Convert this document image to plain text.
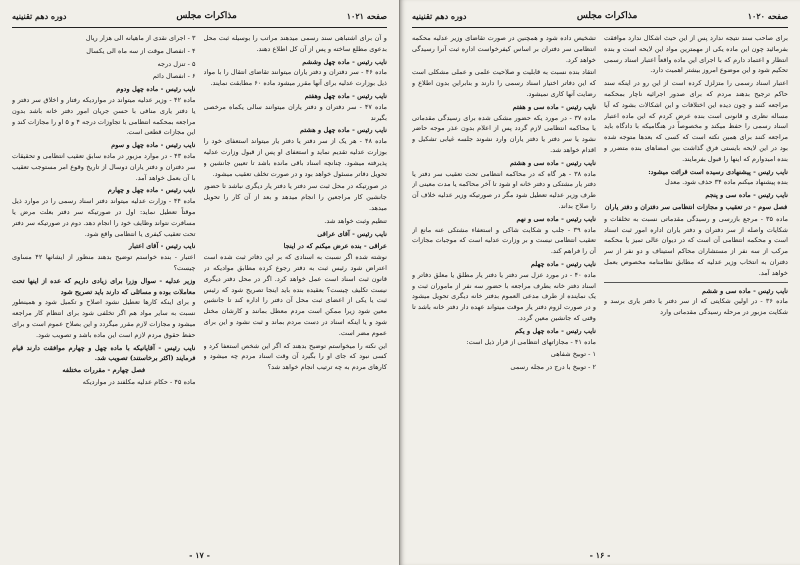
صفحه ۱۰۲۱
مذاکرات مجلس
دوره دهم تقنینیه

و آن برای اشتباهی سند رسمی میدهند مراتب را بوسیله ثبت محل بدعوی مطلع ساخته و پس از آن کل اطلاع دهند.

نایب رئیس - ماده چهل وششم

ماده ۴۶ - سر دفتران و دفتر یاران میتوانند تقاضای انتقال را با مواد ذیل بوزارت عدلیه برای آنها مقرر میشود ماده ۶۰ مطابقت نمایند.

نایب رئیس - ماده چهل وهفتم

ماده ۴۷ - سر دفتران و دفتر یاران میتوانند سالی یکماه مرخصی بگیرند

نایب رئیس - ماده چهل و هشتم

ماده ۴۸ - هر یک از سر دفتر یا دفتر یار میتواند استعفای خود را بوزارت عدلیه تقدیم نماید و استعفای او پس از قبول وزارت عدلیه پذیرفته میشود. چنانچه اسناد باقی مانده باشد تا تعیین جانشین و تحویل دفاتر مسئول خواهد بود و در صورت تخلف تعقیب میشود.

در صورتیکه در محل ثبت سر دفتر یا دفتر یار دیگری نباشد تا حضور جانشین کار مراجعین را انجام میدهد و بعد از آن کار را تحویل میدهد.

تنظیم وثبت خواهد شد.

نایب رئیس - آقای عراقی
عراقی - بنده عرض میکنم که در اینجا

نوشته شده اگر نسبت به اسنادی که بر این دفاتر ثبت شده است اعتراض شود رئیس ثبت به دفتر رجوع کرده مطابق موادیکه در قانون ثبت اسناد است عمل خواهد کرد. اگر در محل دفتر دیگری نیست تکلیف چیست؟ بعقیده بنده باید اینجا تصریح شود که رئیس ثبت یا یکی از اعضای ثبت محل آن دفتر را اداره کند تا جانشین معین شود زیرا ممکن است مردم معطل بمانند و کارشان مختل شود و یا اینکه اسناد در دست مردم بماند و ثبت نشود و این برای عموم مضر است.

این نکته را میخواستم توضیح بدهند که اگر این شخص استعفا کرد و کسی نبود که جای او را بگیرد آن وقت اسناد مردم چه میشود و کارهای مردم به چه ترتیب انجام خواهد شد؟

۳ - اجرای نقدی از ماهیانه الی هزار ریال

۴ - انفصال موقت از سه ماه الی یکسال

۵ - تنزل درجه

۶ - انفصال دائم

نایب رئیس - ماده چهل ودوم

ماده ۴۲ - وزیر عدلیه میتواند در مواردیکه رفتار و اخلاق سر دفتر و یا دفتر یاری منافی با حسن جریان امور دفتر خانه باشد بدون مراجعه بمحکمه انتظامی با تجاوزات درجه ۴ و ۵ او را مجازات کند و این مجازات قطعی است.

نایب رئیس - ماده چهل و سوم

ماده ۴۳ - در موارد مزبور در ماده سابق تعقیب انتظامی و تحقیقات سر دفتران و دفتر یاران دوسال از تاریخ وقوع امر مستوجب تعقیب با آن بعمل خواهد آمد.

نایب رئیس - ماده چهل و چهارم

ماده ۴۴ - وزارت عدلیه میتواند دفتر اسناد رسمی را در موارد ذیل موقتاً تعطیل نماید: اول در صورتیکه سر دفتر بعلت مرض یا مسافرت نتواند وظایف خود را انجام دهد. دوم در صورتیکه سر دفتر تحت تعقیب کیفری یا انتظامی واقع شود.

نایب رئیس - آقای اعتبار

اعتبار - بنده خواستم توضیح بدهند منظور از ایشانها ۴۲ مساوی چیست؟

وزیر عدلیه - سوال وزرا برای زیادی داریم که عده از اینها تحت معاملات بوده و مسائلی که دارند باید تصریح شود

و برای اینکه کارها تعطیل نشود اصلاح و تکمیل شود و همینطور نسبت به سایر مواد هم اگر تخلفی شود برای انتظام کار مراجعه میشود و مجازات لازم مقرر میگردد و این بصلاح عموم است و برای حفظ حقوق مردم لازم است این ماده باشد و تصویب شود.

نایب رئیس - آقایانیکه با ماده چهل و چهارم موافقت دارند قیام فرمایند (اکثر برخاستند) تصویب شد.
فصل چهارم - مقررات مختلفه

ماده ۴۵ - حکام عدلیه مکلفند در مواردیکه

- ۱۷ -
صفحه ۱۰۲۰
مذاکرات مجلس
دوره دهم تقنینیه

برای صاحب سند نتیجه ندارد پس از این حیث اشکال ندارد موافقت بفرمائید چون این ماده یکی از مهمترین مواد این لایحه است و بنده انتظار و اعتماد دارم که با اجرای این ماده واقعاً اعتبار اسناد رسمی تحکیم شود و این موضوع امروز بیشتر اهمیت دارد.

اعتبار اسناد رسمی را متزلزل کرده است از این رو در اینکه سند حاکم ترجیح بدهند مردم که برای صدور اجرائیه ناچار بمحکمه مراجعه کنند و چون دیده این اختلافات و این اشکالات بشود که آیا مساله نظری و قانونی است بنده عرض کردم که این ماده اعتبار اسناد رسمی را حفظ میکند و مخصوصاً در هنگامیکه با دادگاه باید مراجعه کنند برای همین نکته است که کسی که بعدها متوجه شده بود در این لایحه بایستی فرق گذاشت بین امضاهای بنده متضرر و بنده امیدوارم که اینها را قبول بفرمایند.

نایب رئیس - پیشنهادی رسیده است قرائت میشود:

بنده پیشنهاد میکنم ماده ۳۴ حذف شود. معدل

نایب رئیس - ماده سی و پنجم
فصل سوم - در تعقیب و مجازات انتظامی سر دفتران و دفتر یاران

ماده ۳۵ - مرجع بازرسی و رسیدگی مقدماتی نسبت به تخلفات و شکایات واصله از سر دفتران و دفتر یاران اداره امور ثبت اسناد است و محکمه انتظامی آن است که در دیوان عالی تمیز یا محکمه مرکب از سه نفر از مستشاران محاکم استیناف و دو نفر از سر دفتران به انتخاب وزیر عدلیه که مطابق نظامنامه مخصوص بعمل خواهد آمد.

نایب رئیس - ماده سی و ششم

ماده ۳۶ - در اولین شکایتی که از سر دفتر یا دفتر یاری برسد و شکایت مزبور در مرحله رسیدگی مقدماتی وارد

تشخیص داده شود و همچنین در صورت تقاضای وزیر عدلیه محکمه انتظامی سر دفتران بر اساس کیفرخواست اداره ثبت آنرا رسیدگی خواهد کرد.

انتقاد بنده نسبت به قابلیت و صلاحیت علمی و عملی مشکلی است که این دفاتر اختیار اسناد رسمی را دارند و بنابراین بدون اطلاع و رضایت آنها کاری نمیشود.

نایب رئیس - ماده سی و هفتم

ماده ۳۷ - در مورد یکه حضور مشکی شده برای رسیدگی مقدماتی یا محاکمه انتظامی لازم گردد پس از اعلام بدون عذر موجه حاضر نشود یا سر دفتر یا دفتر یاران وارد نشوند جلسه غیابی تشکیل و اقدام خواهد شد.

نایب رئیس - ماده سی و هشتم

ماده ۳۸ - هر گاه که در محاکمه انتظامی تحت تعقیب سر دفتر یا دفتر یار مشتکی و دفتر خانه او شود تا آخر محاکمه یا مدت معینی از طرف وزیر عدلیه تعطیل شود مگر در صورتیکه وزیر عدلیه خلاف آن را صلاح بداند.

نایب رئیس - ماده سی و نهم

ماده ۳۹ - جلب و شکایت شاکی و استعفاء مشتکی عنه مانع از تعقیب انتظامی نیست و بر وزارت عدلیه است که موجبات مجازات آن را فراهم کند.

نایب رئیس - ماده چهلم

ماده ۴۰ - در مورد عزل سر دفتر یا دفتر یار مطلق یا معلق دفاتر و اسناد دفتر خانه بطرف مراجعه با حضور سه نفر از ماموران ثبت و یک نماینده از طرف مدعی العموم بدفتر خانه دیگری تحویل میشود و در صورت لزوم دفتر یار موقت میتواند عهده دار دفتر خانه باشد تا وقتی که جانشین معین گردد.

نایب رئیس - ماده چهل و یکم

ماده ۴۱ - مجازاتهای انتظامی از قرار ذیل است:

۱ - توبیخ شفاهی

۲ - توبیخ با درج در مجله رسمی

- ۱۶ -
